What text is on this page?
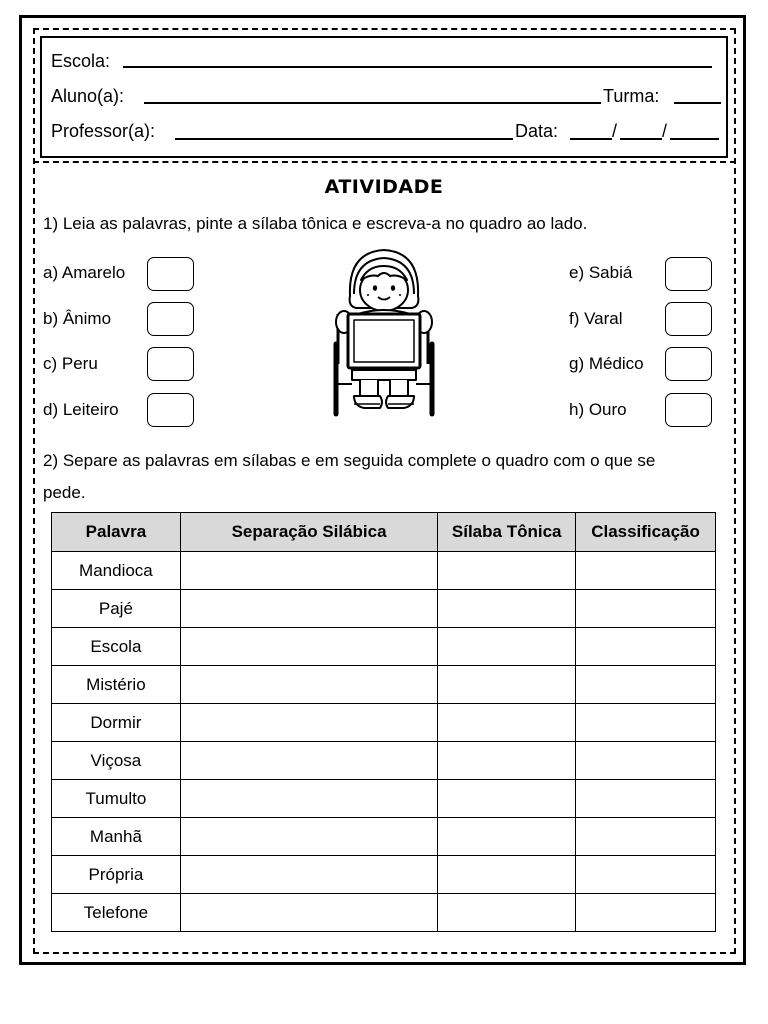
Escola:
Aluno(a):	Turma:
Professor(a):	Data:	/ /
ATIVIDADE
1) Leia as palavras, pinte a sílaba tônica e escreva-a no quadro ao lado.
a) Amarelo
b) Ânimo
c) Peru
d) Leiteiro
e) Sabiá
f) Varal
g) Médico
h) Ouro
2) Separe as palavras em sílabas e em seguida complete o quadro com o que se
pede.
Palavra	Separação Silábica	Sílaba Tônica	Classificação
Mandioca			
Pajé			
Escola			
Mistério			
Dormir			
Viçosa			
Tumulto			
Manhã			
Própria			
Telefone			
